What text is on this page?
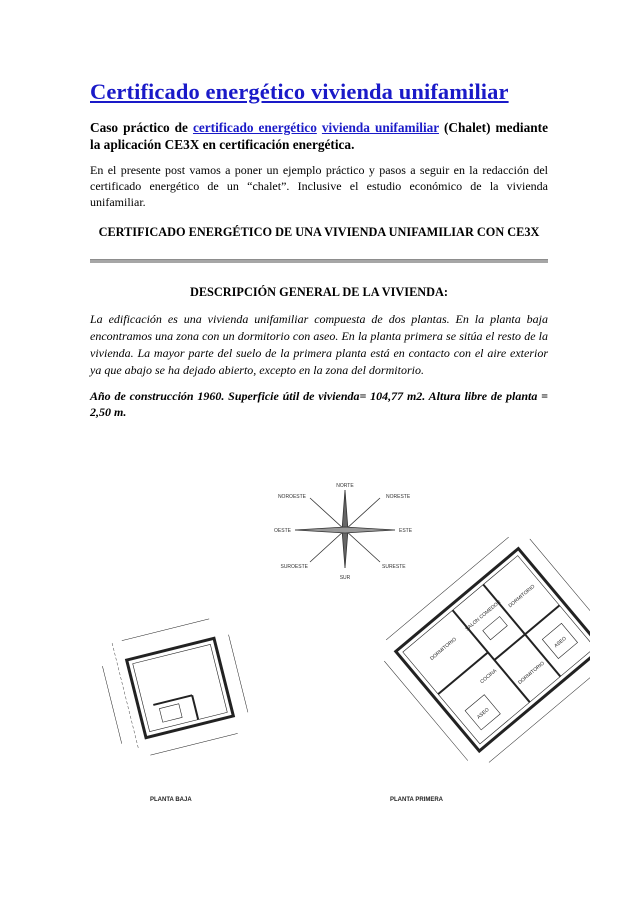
Certificado energético vivienda unifamiliar

Caso práctico de certificado energético vivienda unifamiliar (Chalet) mediante la aplicación CE3X en certificación energética.

En el presente post vamos a poner un ejemplo práctico y pasos a seguir en la redacción del certificado energético de un “chalet”. Inclusive el estudio económico de la vivienda unifamiliar.

CERTIFICADO ENERGÉTICO DE UNA VIVIENDA UNIFAMILIAR CON CE3X

DESCRIPCIÓN GENERAL DE LA VIVIENDA:

La edificación es una vivienda unifamiliar compuesta de dos plantas. En la planta baja encontramos una zona con un dormitorio con aseo. En la planta primera se sitúa el resto de la vivienda. La mayor parte del suelo de la primera planta está en contacto con el aire exterior ya que abajo se ha dejado abierto, excepto en la zona del dormitorio.

Año de construcción 1960. Superficie útil de vivienda= 104,77 m2. Altura libre de planta = 2,50 m.

NORTE
NORESTE
ESTE
SURESTE
SUR
SUROESTE
OESTE
NOROESTE
SALON COMEDOR
DORMITORIO
DORMITORIO
DORMITORIO
COCINA
ASEO
ASEO
PLANTA BAJA	PLANTA PRIMERA
